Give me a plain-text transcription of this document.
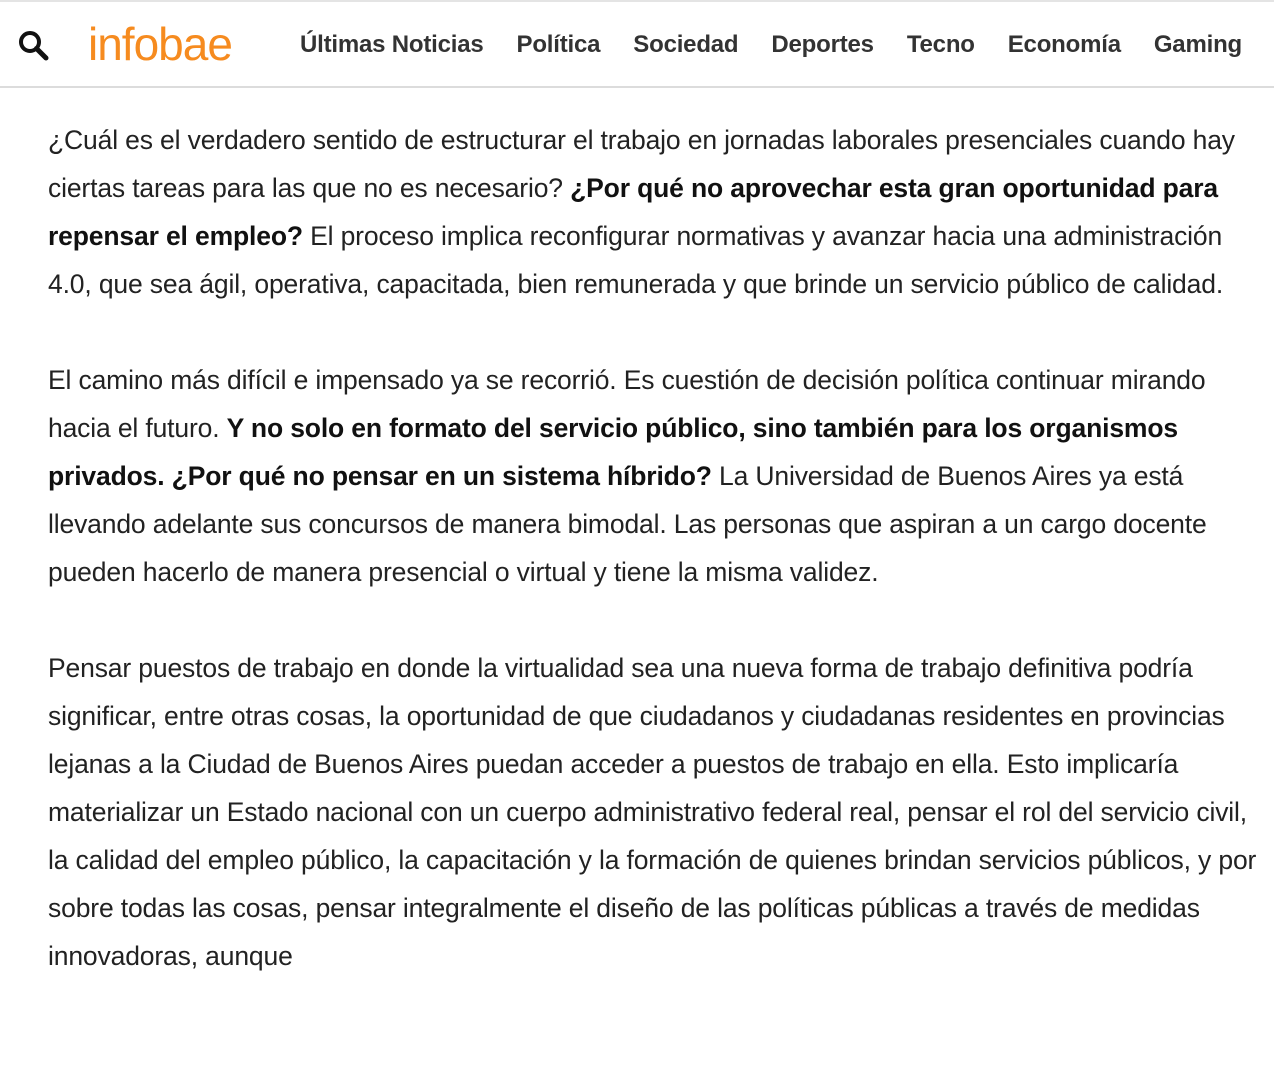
infobae	Últimas Noticias Política Sociedad Deportes Tecno Economía Gaming

¿Cuál es el verdadero sentido de estructurar el trabajo en jornadas laborales presenciales cuando hay ciertas tareas para las que no es necesario? ¿Por qué no aprovechar esta gran oportunidad para repensar el empleo? El proceso implica reconfigurar normativas y avanzar hacia una administración 4.0, que sea ágil, operativa, capacitada, bien remunerada y que brinde un servicio público de calidad.

El camino más difícil e impensado ya se recorrió. Es cuestión de decisión política continuar mirando hacia el futuro. Y no solo en formato del servicio público, sino también para los organismos privados. ¿Por qué no pensar en un sistema híbrido? La Universidad de Buenos Aires ya está llevando adelante sus concursos de manera bimodal. Las personas que aspiran a un cargo docente pueden hacerlo de manera presencial o virtual y tiene la misma validez.

Pensar puestos de trabajo en donde la virtualidad sea una nueva forma de trabajo definitiva podría significar, entre otras cosas, la oportunidad de que ciudadanos y ciudadanas residentes en provincias lejanas a la Ciudad de Buenos Aires puedan acceder a puestos de trabajo en ella. Esto implicaría materializar un Estado nacional con un cuerpo administrativo federal real, pensar el rol del servicio civil, la calidad del empleo público, la capacitación y la formación de quienes brindan servicios públicos, y por sobre todas las cosas, pensar integralmente el diseño de las políticas públicas a través de medidas innovadoras, aunque
